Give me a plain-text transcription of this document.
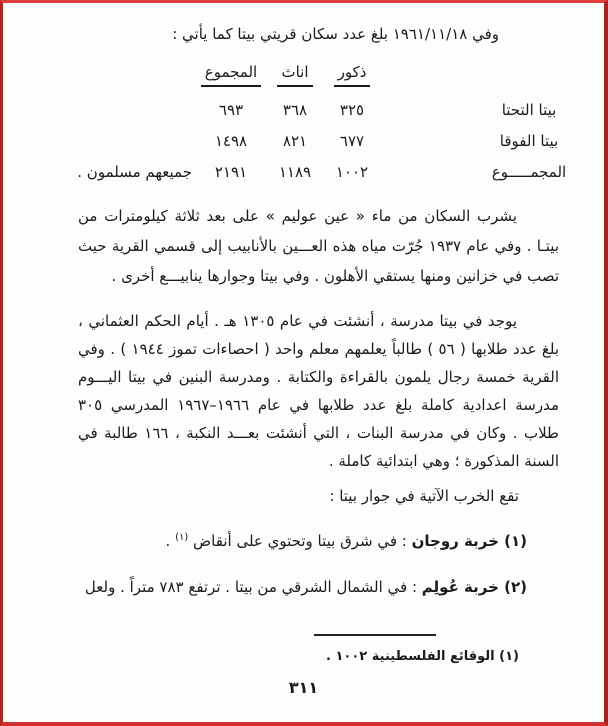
وفي ١٩٦١/١١/١٨ بلغ عدد سكان قريتي بيتا كما يأتي :

ذكور
اناث
المجموع
بيتا التحتا
٣٢٥
٣٦٨
٦٩٣
بيتا الفوقا
٦٧٧
٨٢١
١٤٩٨
المجمـــــوع
١٠٠٢
١١٨٩
٢١٩١
جميعهم مسلمون .

يشرب السكان من ماء « عين عوليم » على بعد ثلاثة كيلومترات من بيتـا . وفي عام ١٩٣٧ جُرّت مياه هذه العـــين بالأنابيب إلى قسمي القرية حيث تصب في خزانين ومنها يستقي الأهلون . وفي بيتا وجوارها ينابيـــع أخرى .

يوجد في بيتا مدرسة ، أنشئت في عام ١٣٠٥ هـ . أيام الحكم العثماني ، بلغ عدد طلابها ( ٥٦ ) طالباً يعلمهم معلم واحد ( احصاءات تموز ١٩٤٤ ) . وفي القرية خمسة رجال يلمون بالقراءة والكتابة . ومدرسة البنين في بيتا اليـــوم مدرسة اعدادية كاملة بلغ عدد طلابها في عام ١٩٦٦–١٩٦٧ المدرسي ٣٠٥ طلاب . وكان في مدرسة البنات ، التي أنشئت بعـــد النكبة ، ١٦٦ طالبة في السنة المذكورة ؛ وهي ابتدائية كاملة .

تقع الخرب الآتية في جوار بيتا :

(١) خربة روجان : في شرق بيتا وتحتوي على أنقاض $^{(١)}$ .

(٢) خربة عُولِم : في الشمال الشرقي من بيتا . ترتفع ٧٨٣ متراً . ولعل

(١) الوقائع الفلسطينية ١٠٠٢ .

٣١١
